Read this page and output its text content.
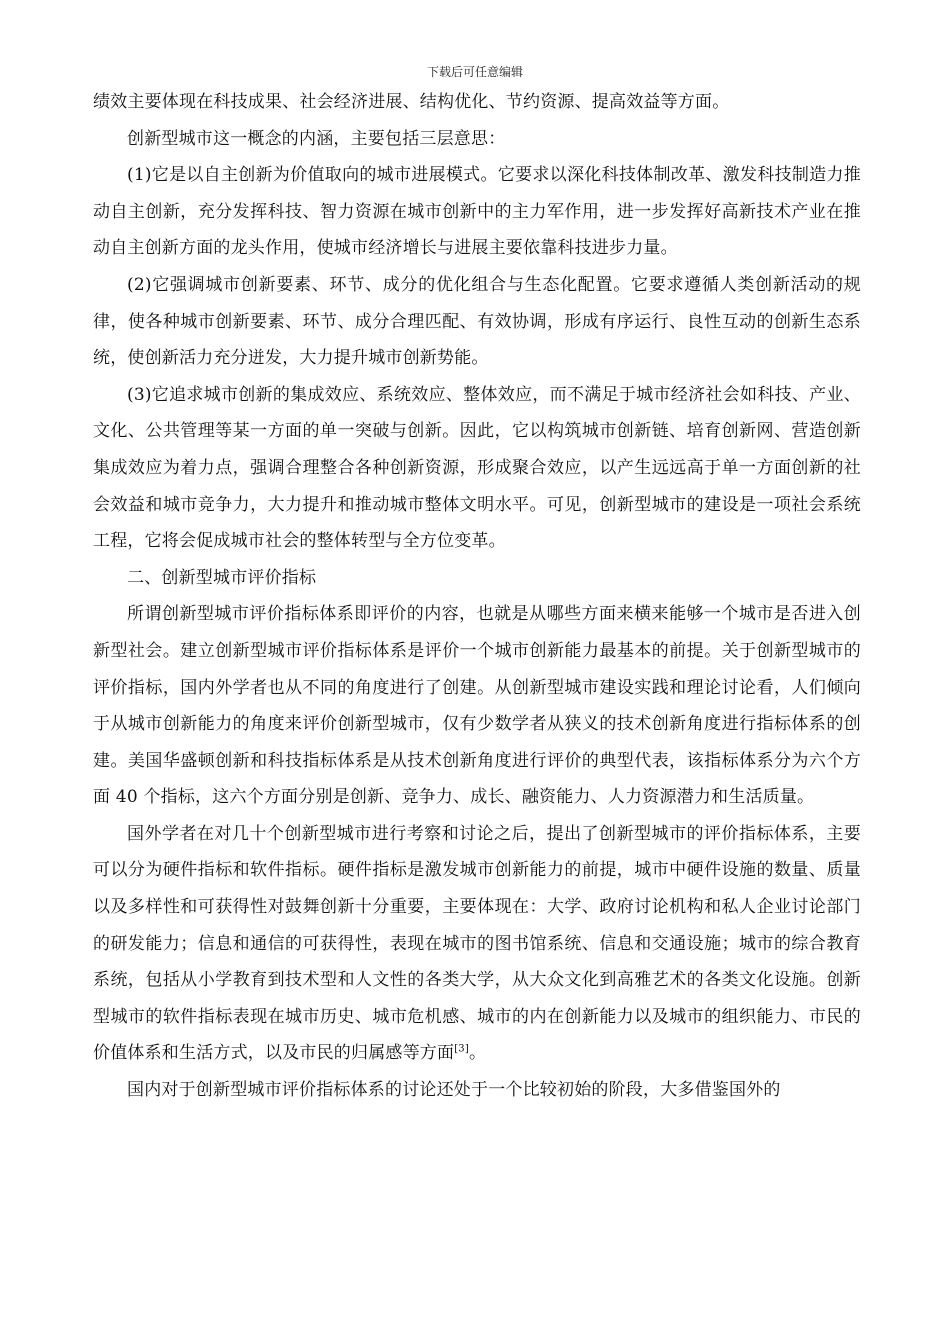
下载后可任意编辑

绩效主要体现在科技成果、社会经济进展、结构优化、节约资源、提高效益等方面。

创新型城市这一概念的内涵，主要包括三层意思：

(1)它是以自主创新为价值取向的城市进展模式。它要求以深化科技体制改革、激发科技制造力推动自主创新，充分发挥科技、智力资源在城市创新中的主力军作用，进一步发挥好高新技术产业在推动自主创新方面的龙头作用，使城市经济增长与进展主要依靠科技进步力量。

(2)它强调城市创新要素、环节、成分的优化组合与生态化配置。它要求遵循人类创新活动的规律，使各种城市创新要素、环节、成分合理匹配、有效协调，形成有序运行、良性互动的创新生态系统，使创新活力充分迸发，大力提升城市创新势能。

(3)它追求城市创新的集成效应、系统效应、整体效应，而不满足于城市经济社会如科技、产业、文化、公共管理等某一方面的单一突破与创新。因此，它以构筑城市创新链、培育创新网、营造创新集成效应为着力点，强调合理整合各种创新资源，形成聚合效应，以产生远远高于单一方面创新的社会效益和城市竞争力，大力提升和推动城市整体文明水平。可见，创新型城市的建设是一项社会系统工程，它将会促成城市社会的整体转型与全方位变革。

二、创新型城市评价指标

所谓创新型城市评价指标体系即评价的内容，也就是从哪些方面来横来能够一个城市是否进入创新型社会。建立创新型城市评价指标体系是评价一个城市创新能力最基本的前提。关于创新型城市的评价指标，国内外学者也从不同的角度进行了创建。从创新型城市建设实践和理论讨论看，人们倾向于从城市创新能力的角度来评价创新型城市，仅有少数学者从狭义的技术创新角度进行指标体系的创建。美国华盛顿创新和科技指标体系是从技术创新角度进行评价的典型代表，该指标体系分为六个方面 40 个指标，这六个方面分别是创新、竞争力、成长、融资能力、人力资源潜力和生活质量。

国外学者在对几十个创新型城市进行考察和讨论之后，提出了创新型城市的评价指标体系，主要可以分为硬件指标和软件指标。硬件指标是激发城市创新能力的前提，城市中硬件设施的数量、质量以及多样性和可获得性对鼓舞创新十分重要，主要体现在：大学、政府讨论机构和私人企业讨论部门的研发能力；信息和通信的可获得性，表现在城市的图书馆系统、信息和交通设施；城市的综合教育系统，包括从小学教育到技术型和人文性的各类大学，从大众文化到高雅艺术的各类文化设施。创新型城市的软件指标表现在城市历史、城市危机感、城市的内在创新能力以及城市的组织能力、市民的价值体系和生活方式，以及市民的归属感等方面[3]。

国内对于创新型城市评价指标体系的讨论还处于一个比较初始的阶段，大多借鉴国外的
